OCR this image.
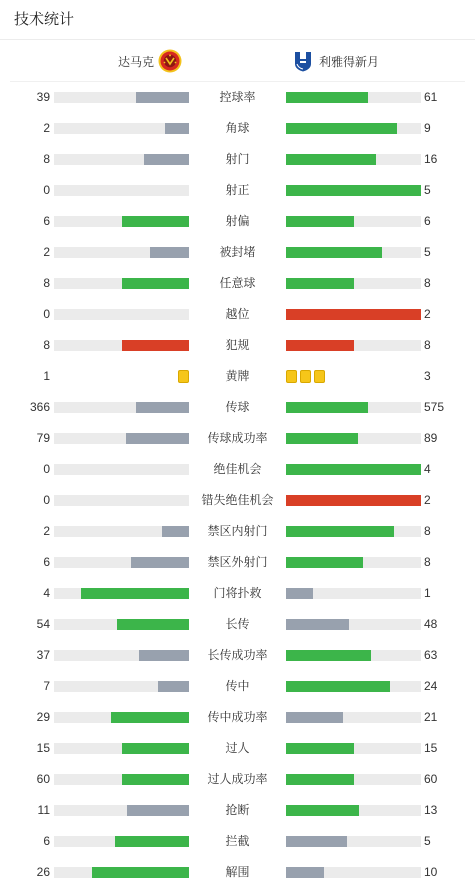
技术统计
达马克	利雅得新月
39	控球率	61
2	角球	9
8	射门	16
0	射正	5
6	射偏	6
2	被封堵	5
8	任意球	8
0	越位	2
8	犯规	8
1	黄牌	3
366	传球	575
79	传球成功率	89
0	绝佳机会	4
0	错失绝佳机会	2
2	禁区内射门	8
6	禁区外射门	8
4	门将扑救	1
54	长传	48
37	长传成功率	63
7	传中	24
29	传中成功率	21
15	过人	15
60	过人成功率	60
11	抢断	13
6	拦截	5
26	解围	10
